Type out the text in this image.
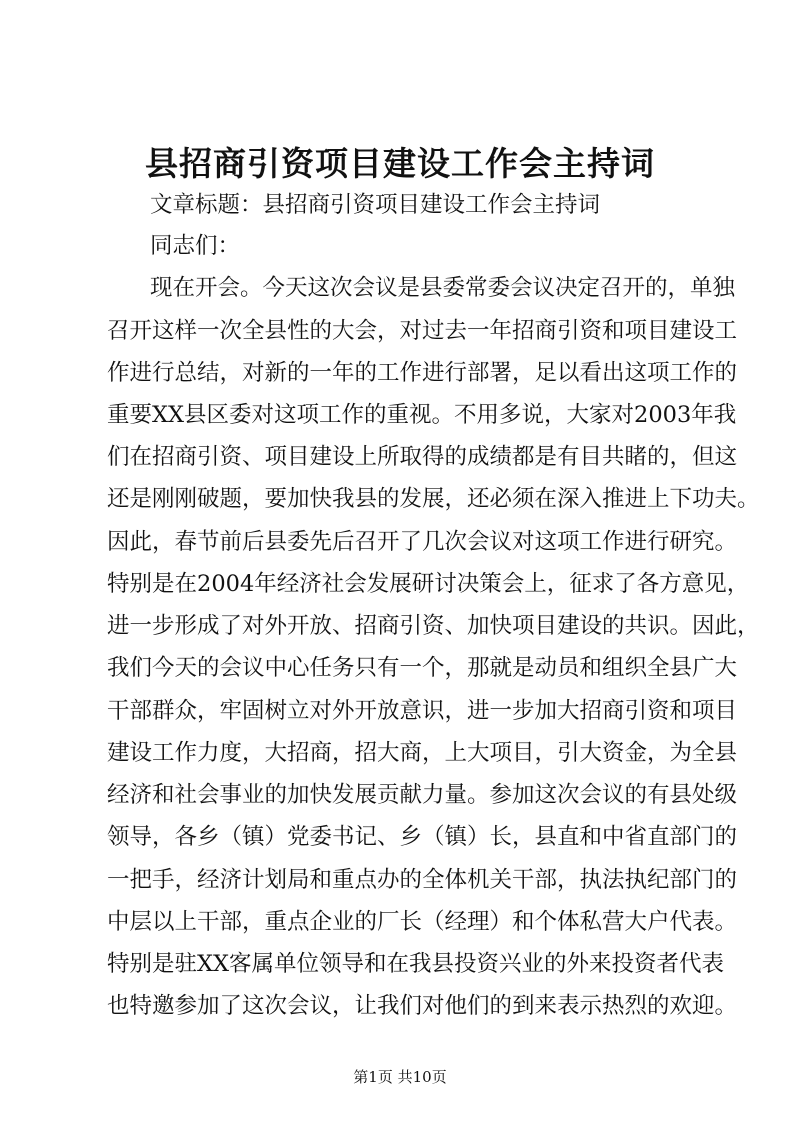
县招商引资项目建设工作会主持词
文章标题：县招商引资项目建设工作会主持词
同志们：
现在开会。今天这次会议是县委常委会议决定召开的，单独
召开这样一次全县性的大会，对过去一年招商引资和项目建设工
作进行总结，对新的一年的工作进行部署，足以看出这项工作的
重要XX县区委对这项工作的重视。不用多说，大家对2003年我
们在招商引资、项目建设上所取得的成绩都是有目共睹的，但这
还是刚刚破题，要加快我县的发展，还必须在深入推进上下功夫。
因此，春节前后县委先后召开了几次会议对这项工作进行研究。
特别是在2004年经济社会发展研讨决策会上，征求了各方意见，
进一步形成了对外开放、招商引资、加快项目建设的共识。因此，
我们今天的会议中心任务只有一个，那就是动员和组织全县广大
干部群众，牢固树立对外开放意识，进一步加大招商引资和项目
建设工作力度，大招商，招大商，上大项目，引大资金，为全县
经济和社会事业的加快发展贡献力量。参加这次会议的有县处级
领导，各乡（镇）党委书记、乡（镇）长，县直和中省直部门的
一把手，经济计划局和重点办的全体机关干部，执法执纪部门的
中层以上干部，重点企业的厂长（经理）和个体私营大户代表。
特别是驻XX客属单位领导和在我县投资兴业的外来投资者代表
也特邀参加了这次会议，让我们对他们的到来表示热烈的欢迎。
第1页 共10页
